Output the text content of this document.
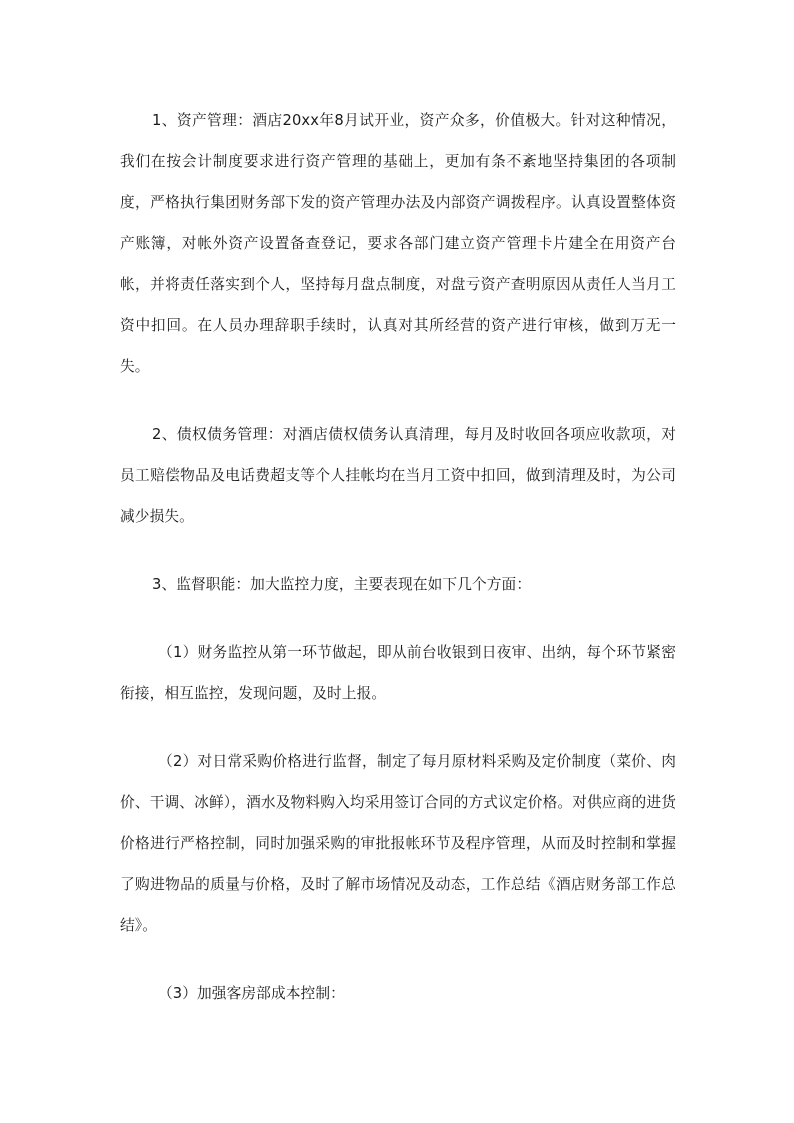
1、资产管理：酒店20xx年8月试开业，资产众多，价值极大。针对这种情况，我们在按会计制度要求进行资产管理的基础上，更加有条不紊地坚持集团的各项制度，严格执行集团财务部下发的资产管理办法及内部资产调拨程序。认真设置整体资产账簿，对帐外资产设置备查登记，要求各部门建立资产管理卡片建全在用资产台帐，并将责任落实到个人，坚持每月盘点制度，对盘亏资产查明原因从责任人当月工资中扣回。在人员办理辞职手续时，认真对其所经营的资产进行审核，做到万无一失。

2、债权债务管理：对酒店债权债务认真清理，每月及时收回各项应收款项，对员工赔偿物品及电话费超支等个人挂帐均在当月工资中扣回，做到清理及时，为公司减少损失。

3、监督职能：加大监控力度，主要表现在如下几个方面：

（1）财务监控从第一环节做起，即从前台收银到日夜审、出纳，每个环节紧密衔接，相互监控，发现问题，及时上报。

（2）对日常采购价格进行监督，制定了每月原材料采购及定价制度（菜价、肉价、干调、冰鲜），酒水及物料购入均采用签订合同的方式议定价格。对供应商的进货价格进行严格控制，同时加强采购的审批报帐环节及程序管理，从而及时控制和掌握了购进物品的质量与价格，及时了解市场情况及动态，工作总结《酒店财务部工作总结》。

（3）加强客房部成本控制：
